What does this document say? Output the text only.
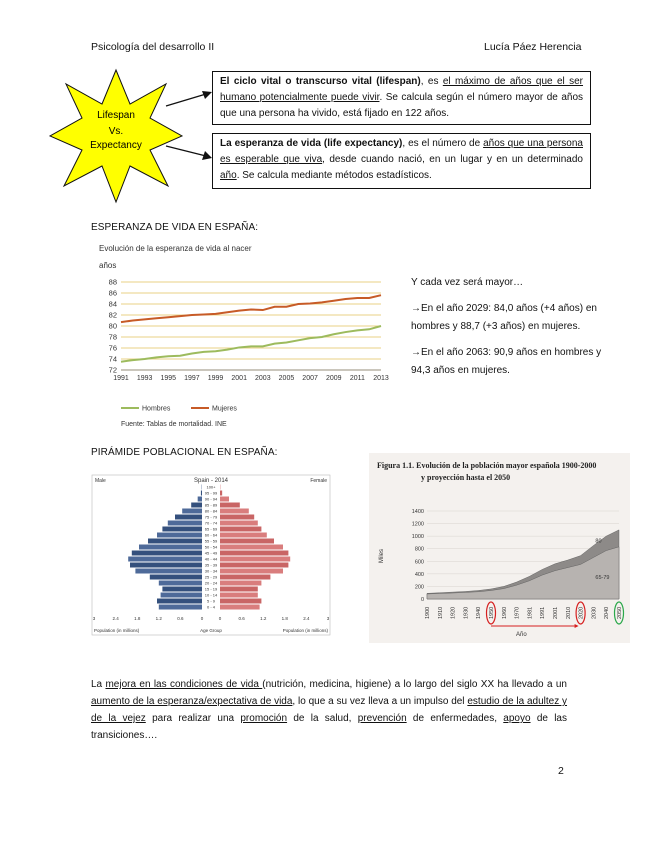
Psicología del desarrollo II	Lucía Páez Herencia
Lifespan
Vs.
Expectancy
El ciclo vital o transcurso vital (lifespan), es el máximo de años que el ser humano potencialmente puede vivir. Se calcula según el número mayor de años que una persona ha vivido, está fijado en 122 años.
La esperanza de vida (life expectancy), es el número de años que una persona es esperable que viva, desde cuando nació, en un lugar y en un determinado año. Se calcula mediante métodos estadísticos.
ESPERANZA DE VIDA EN ESPAÑA:
Evolución de la esperanza de vida al nacer
años
72
74
76
78
80
82
84
86
88
1991 1993 1995 1997 1999 2001 2003 2005 2007 2009 2011 2013
Hombres	Mujeres
Fuente: Tablas de mortalidad. INE
Y cada vez será mayor…
→En el año 2029: 84,0 años (+4 años) en hombres y 88,7 (+3 años) en mujeres.
→En el año 2063: 90,9 años en hombres y 94,3 años en mujeres.
PIRÁMIDE POBLACIONAL EN ESPAÑA:
Male	Spain - 2014	Female
0 - 4
5 - 9
10 - 14
15 - 19
20 - 24
25 - 29
30 - 34
35 - 39
40 - 44
45 - 49
50 - 54
55 - 59
60 - 64
65 - 69
70 - 74
75 - 79
80 - 84
85 - 89
90 - 94
95 - 99
100+
3	2.4	1.8	1.2	0.6	0	0	0.6	1.2	1.8	2.4	3
Population (in millions)	Age Group	Population (in millions)
Figura 1.1. Evolución de la población mayor española 1900-2000
y proyección hasta el 2050
0
200
400
600
800
1000
1200
1400
Miles
80
65-79
1900 1910 1920 1930 1940 1950 1960 1970 1981 1991 2001 2010 2020 2030 2040 2050
Año
La mejora en las condiciones de vida (nutrición, medicina, higiene) a lo largo del siglo XX ha llevado a un aumento de la esperanza/expectativa de vida, lo que a su vez lleva a un impulso del estudio de la adultez y de la vejez para realizar una promoción de la salud, prevención de enfermedades, apoyo de las transiciones….
2
